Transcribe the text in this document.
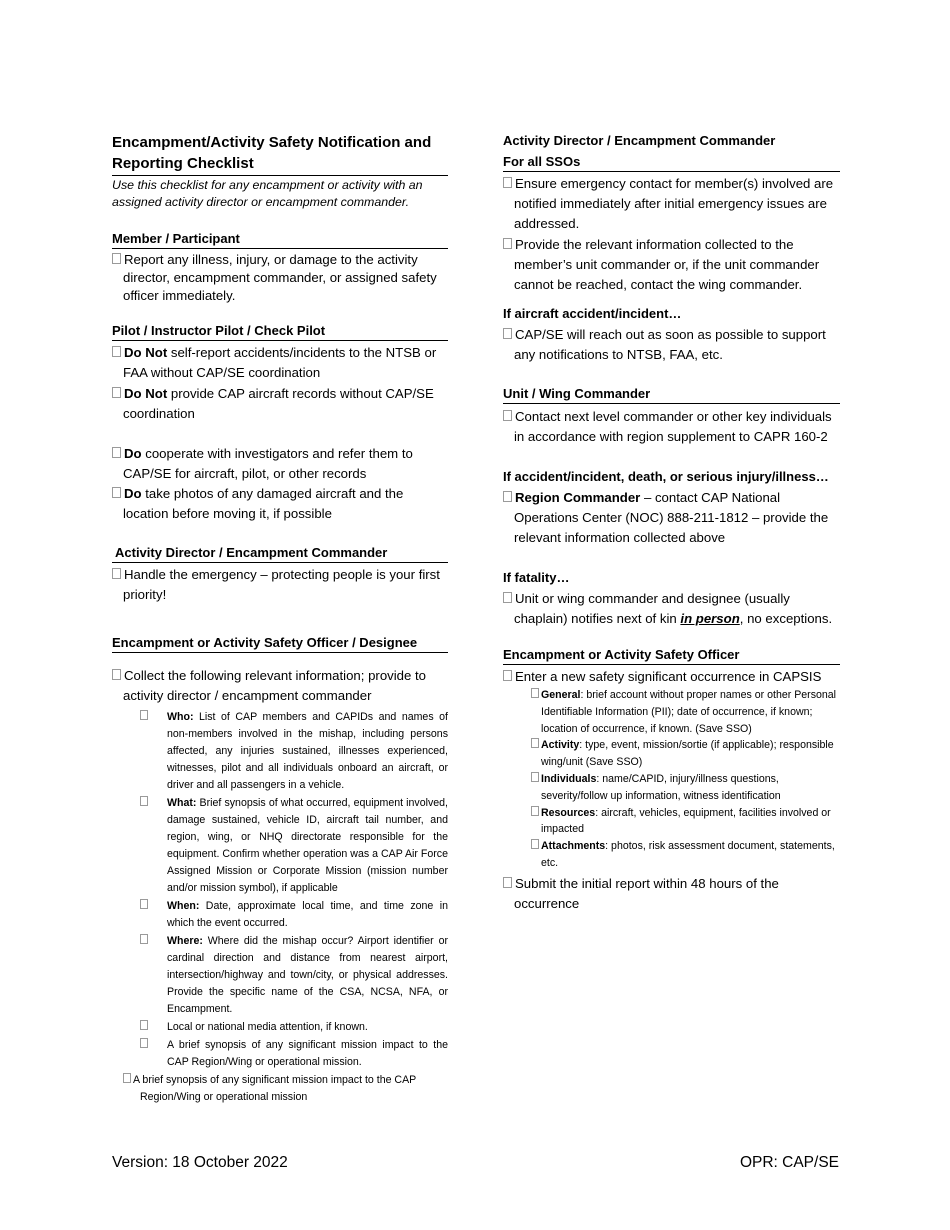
Encampment/Activity Safety Notification and Reporting Checklist
Use this checklist for any encampment or activity with an assigned activity director or encampment commander.
Member / Participant
Report any illness, injury, or damage to the activity director, encampment commander, or assigned safety officer immediately.
Pilot / Instructor Pilot / Check Pilot
Do Not self-report accidents/incidents to the NTSB or FAA without CAP/SE coordination
Do Not provide CAP aircraft records without CAP/SE coordination
Do cooperate with investigators and refer them to CAP/SE for aircraft, pilot, or other records
Do take photos of any damaged aircraft and the location before moving it, if possible
Activity Director / Encampment Commander
Handle the emergency – protecting people is your first priority!
Encampment or Activity Safety Officer / Designee
Collect the following relevant information; provide to activity director / encampment commander
Who: List of CAP members and CAPIDs and names of non-members involved in the mishap, including persons affected, any injuries sustained, illnesses experienced, witnesses, pilot and all individuals onboard an aircraft, or driver and all passengers in a vehicle.
What: Brief synopsis of what occurred, equipment involved, damage sustained, vehicle ID, aircraft tail number, and region, wing, or NHQ directorate responsible for the equipment. Confirm whether operation was a CAP Air Force Assigned Mission or Corporate Mission (mission number and/or mission symbol), if applicable
When: Date, approximate local time, and time zone in which the event occurred.
Where: Where did the mishap occur? Airport identifier or cardinal direction and distance from nearest airport, intersection/highway and town/city, or physical addresses. Provide the specific name of the CSA, NCSA, NFA, or Encampment.
Local or national media attention, if known.
A brief synopsis of any significant mission impact to the CAP Region/Wing or operational mission.
A brief synopsis of any significant mission impact to the CAP Region/Wing or operational mission
Activity Director / Encampment Commander
For all SSOs
Ensure emergency contact for member(s) involved are notified immediately after initial emergency issues are addressed.
Provide the relevant information collected to the member’s unit commander or, if the unit commander cannot be reached, contact the wing commander.
If aircraft accident/incident…
CAP/SE will reach out as soon as possible to support any notifications to NTSB, FAA, etc.
Unit / Wing Commander
Contact next level commander or other key individuals in accordance with region supplement to CAPR 160-2
If accident/incident, death, or serious injury/illness…
Region Commander – contact CAP National Operations Center (NOC) 888-211-1812 – provide the relevant information collected above
If fatality…
Unit or wing commander and designee (usually chaplain) notifies next of kin in person, no exceptions.
Encampment or Activity Safety Officer
Enter a new safety significant occurrence in CAPSIS
General: brief account without proper names or other Personal Identifiable Information (PII); date of occurrence, if known; location of occurrence, if known. (Save SSO)
Activity: type, event, mission/sortie (if applicable); responsible wing/unit (Save SSO)
Individuals: name/CAPID, injury/illness questions, severity/follow up information, witness identification
Resources: aircraft, vehicles, equipment, facilities involved or impacted
Attachments: photos, risk assessment document, statements, etc.
Submit the initial report within 48 hours of the occurrence
Version: 18 October 2022	OPR: CAP/SE
